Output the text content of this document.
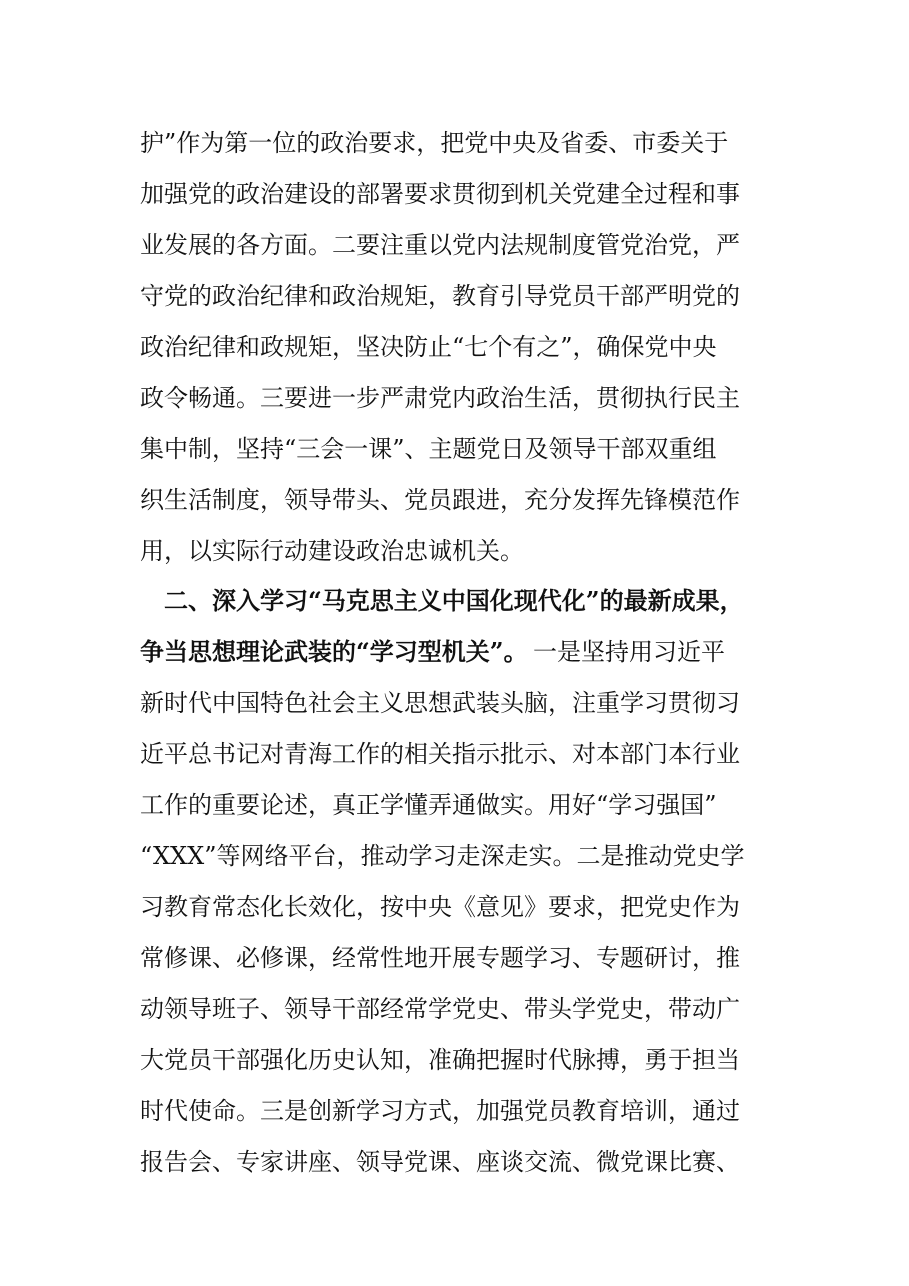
护”作为第一位的政治要求，把党中央及省委、市委关于
加强党的政治建设的部署要求贯彻到机关党建全过程和事
业发展的各方面。二要注重以党内法规制度管党治党，严
守党的政治纪律和政治规矩，教育引导党员干部严明党的
政治纪律和政规矩，坚决防止“七个有之”，确保党中央
政令畅通。三要进一步严肃党内政治生活，贯彻执行民主
集中制，坚持“三会一课”、主题党日及领导干部双重组
织生活制度，领导带头、党员跟进，充分发挥先锋模范作
用，以实际行动建设政治忠诚机关。
二、深入学习“马克思主义中国化现代化”的最新成果，
争当思想理论武装的“学习型机关”。 一是坚持用习近平
新时代中国特色社会主义思想武装头脑，注重学习贯彻习
近平总书记对青海工作的相关指示批示、对本部门本行业
工作的重要论述，真正学懂弄通做实。用好“学习强国”
“XXX”等网络平台，推动学习走深走实。二是推动党史学
习教育常态化长效化，按中央《意见》要求，把党史作为
常修课、必修课，经常性地开展专题学习、专题研讨，推
动领导班子、领导干部经常学党史、带头学党史，带动广
大党员干部强化历史认知，准确把握时代脉搏，勇于担当
时代使命。三是创新学习方式，加强党员教育培训，通过
报告会、专家讲座、领导党课、座谈交流、微党课比赛、
